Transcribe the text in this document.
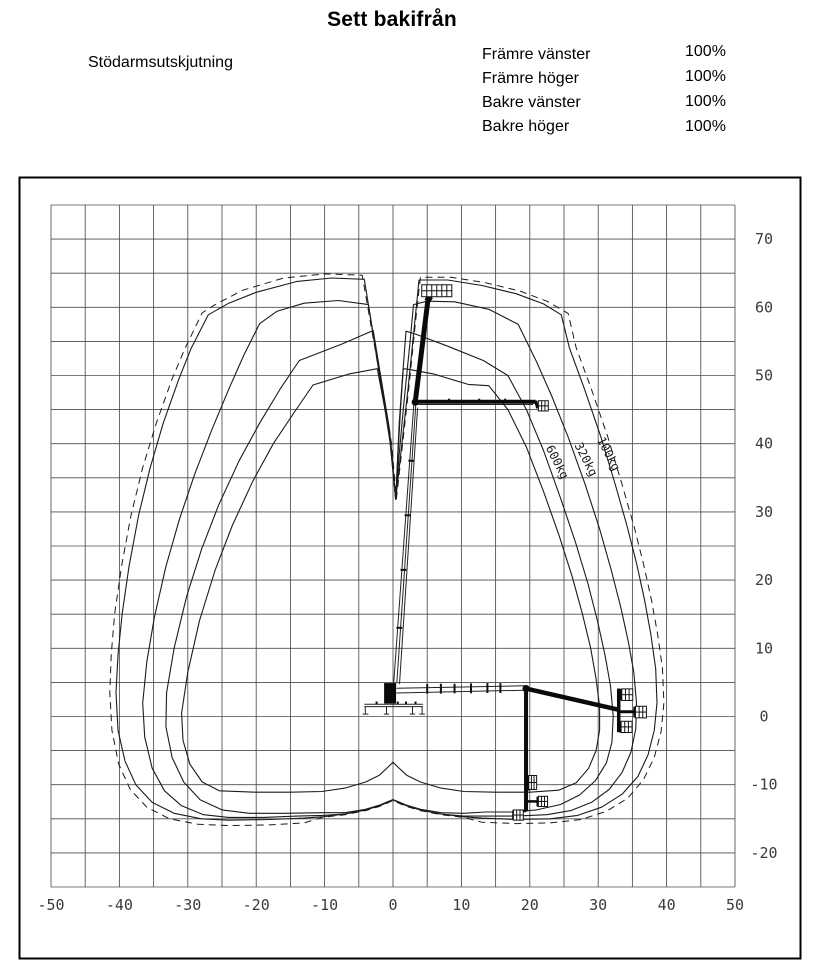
Sett bakifrån
Stödarmsutskjutning	Främre vänster	100%
Främre höger	100%
Bakre vänster	100%
Bakre höger	100%
-50	-40	-30	-20	-10	0	10	20	30	40	50
70
60
50
40
30
20
10
0
-10
-20
600kg 320kg
100kg
